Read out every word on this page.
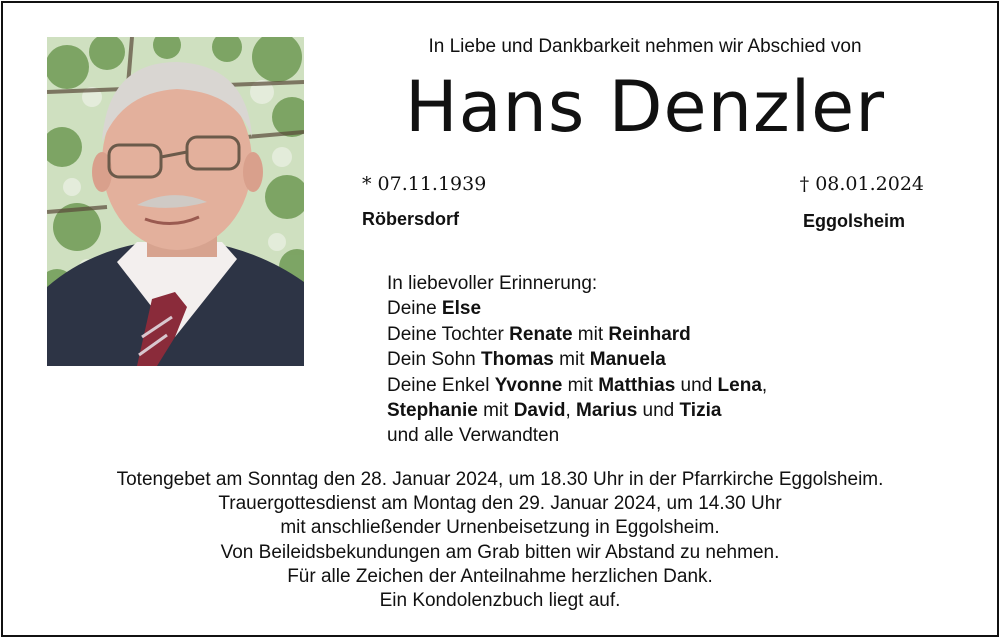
In Liebe und Dankbarkeit nehmen wir Abschied von
Hans Denzler
* 07.11.1939	† 08.01.2024
Röbersdorf	Eggolsheim
In liebevoller Erinnerung:
Deine Else
Deine Tochter Renate mit Reinhard
Dein Sohn Thomas mit Manuela
Deine Enkel Yvonne mit Matthias und Lena,
Stephanie mit David, Marius und Tizia
und alle Verwandten
Totengebet am Sonntag den 28. Januar 2024, um 18.30 Uhr in der Pfarrkirche Eggolsheim.
Trauergottesdienst am Montag den 29. Januar 2024, um 14.30 Uhr
mit anschließender Urnenbeisetzung in Eggolsheim.
Von Beileidsbekundungen am Grab bitten wir Abstand zu nehmen.
Für alle Zeichen der Anteilnahme herzlichen Dank.
Ein Kondolenzbuch liegt auf.
